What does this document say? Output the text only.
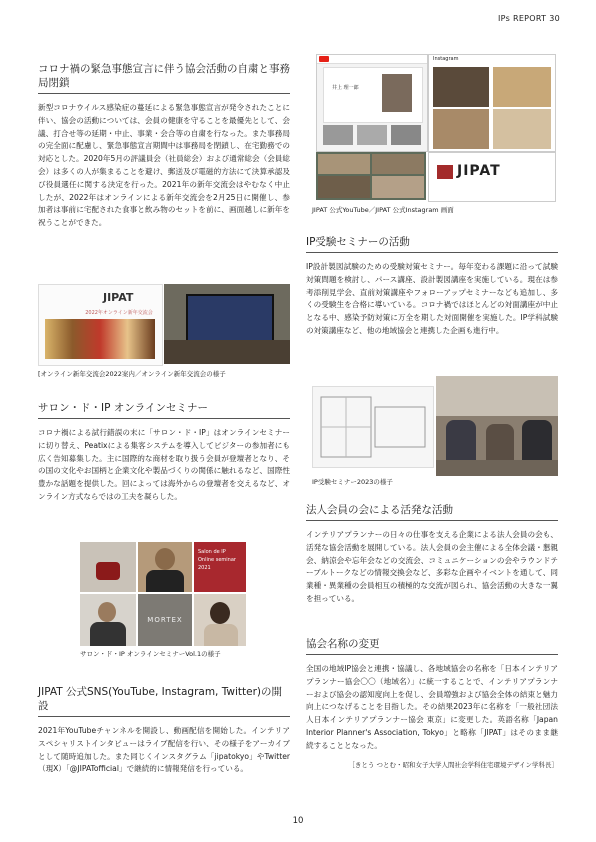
IPs REPORT 30
コロナ禍の緊急事態宣言に伴う協会活動の自粛と事務局閉鎖
新型コロナウイルス感染症の蔓延による緊急事態宣言が発令されたことに伴い、協会の活動については、会員の健康を守ることを最優先として、会議、打合せ等の延期・中止、事業・会合等の自粛を行なった。また事務局の完全面に配慮し、緊急事態宣言期間中は事務局を閉鎖し、在宅勤務での対応とした。2020年5月の評議員会（社員総会）および通常総会（会員総会）は多くの人が集まることを避け、郵送及び電磁的方法にて決算承認及び役員選任に関する決定を行った。2021年の新年交流会はやむなく中止したが、2022年はオンラインによる新年交流会を2月25日に開催し、参加者は事前に宅配された食事と飲み物のセットを前に、画面越しに新年を祝うことができた。
JIPAT
2022年オンライン新年交流会
[オンライン新年交流会2022案内／オンライン新年交流会の様子
サロン・ド・IP オンラインセミナー
コロナ禍による試行錯誤の末に「サロン・ド・IP」はオンラインセミナーに切り替え、Peatixによる集客システムを導入してビジターの参加者にも広く告知募集した。主に国際的な商材を取り扱う会員が登壇者となり、その国の文化やお国柄と企業文化や製品づくりの関係に触れるなど、国際性豊かな話題を提供した。回によっては海外からの登壇者を交えるなど、オンライン方式ならではの工夫を凝らした。
Salon de IP
Online seminar
2021
MORTEX
サロン・ド・IP オンラインセミナーVol.1の様子
JIPAT 公式SNS(YouTube, Instagram, Twitter)の開設
2021年YouTubeチャンネルを開設し、動画配信を開始した。インテリアスペシャリストインタビューはライブ配信を行い、その様子をアーカイブとして随時追加した。また同じくインスタグラム「jipatokyo」やTwitter（現X）「@JIPATofficial」で継続的に情報発信を行っている。
井上 理一郎
Instagram
JIPAT
JIPAT 公式YouTube／JIPAT 公式Instagram 画面
IP受験セミナーの活動
IP設計製図試験のための受験対策セミナー。毎年変わる課題に沿って試験対策問題を検討し、パース講座、設計製図講座を実施している。現在は参考添削見学会、直前対策講座やフォローアップセミナーなども追加し、多くの受験生を合格に導いている。コロナ禍ではほとんどの対面講座が中止となる中、感染予防対策に万全を期した対面開催を実施した。IP学科試験の対策講座など、他の地域協会と連携した企画も進行中。
IP受験セミナー2023の様子
法人会員の会による活発な活動
インテリアプランナーの日々の仕事を支える企業による法人会員の会も、活発な協会活動を展開している。法人会員の会主催による全体会議・懇親会、納涼会や忘年会などの交流会、コミュニケーションの会やラウンドテーブルトークなどの情報交換会など、多彩な企画やイベントを通して、同業種・異業種の会員相互の積極的な交流が図られ、協会活動の大きな一翼を担っている。
協会名称の変更
全国の地域IP協会と連携・協議し、各地域協会の名称を「日本インテリアプランナー協会〇〇（地域名）」に統一することで、インテリアプランナーおよび協会の認知度向上を促し、会員増強および協会全体の結束と魅力向上につなげることを目指した。その結果2023年に名称を「一般社団法人日本インテリアプランナー協会 東京」に変更した。英語名称「Japan Interior Planner's Association, Tokyo」と略称「JIPAT」はそのまま継続することとなった。
［きとう つとむ・昭和女子大学人間社会学科住宅環境デザイン学科長］
10
